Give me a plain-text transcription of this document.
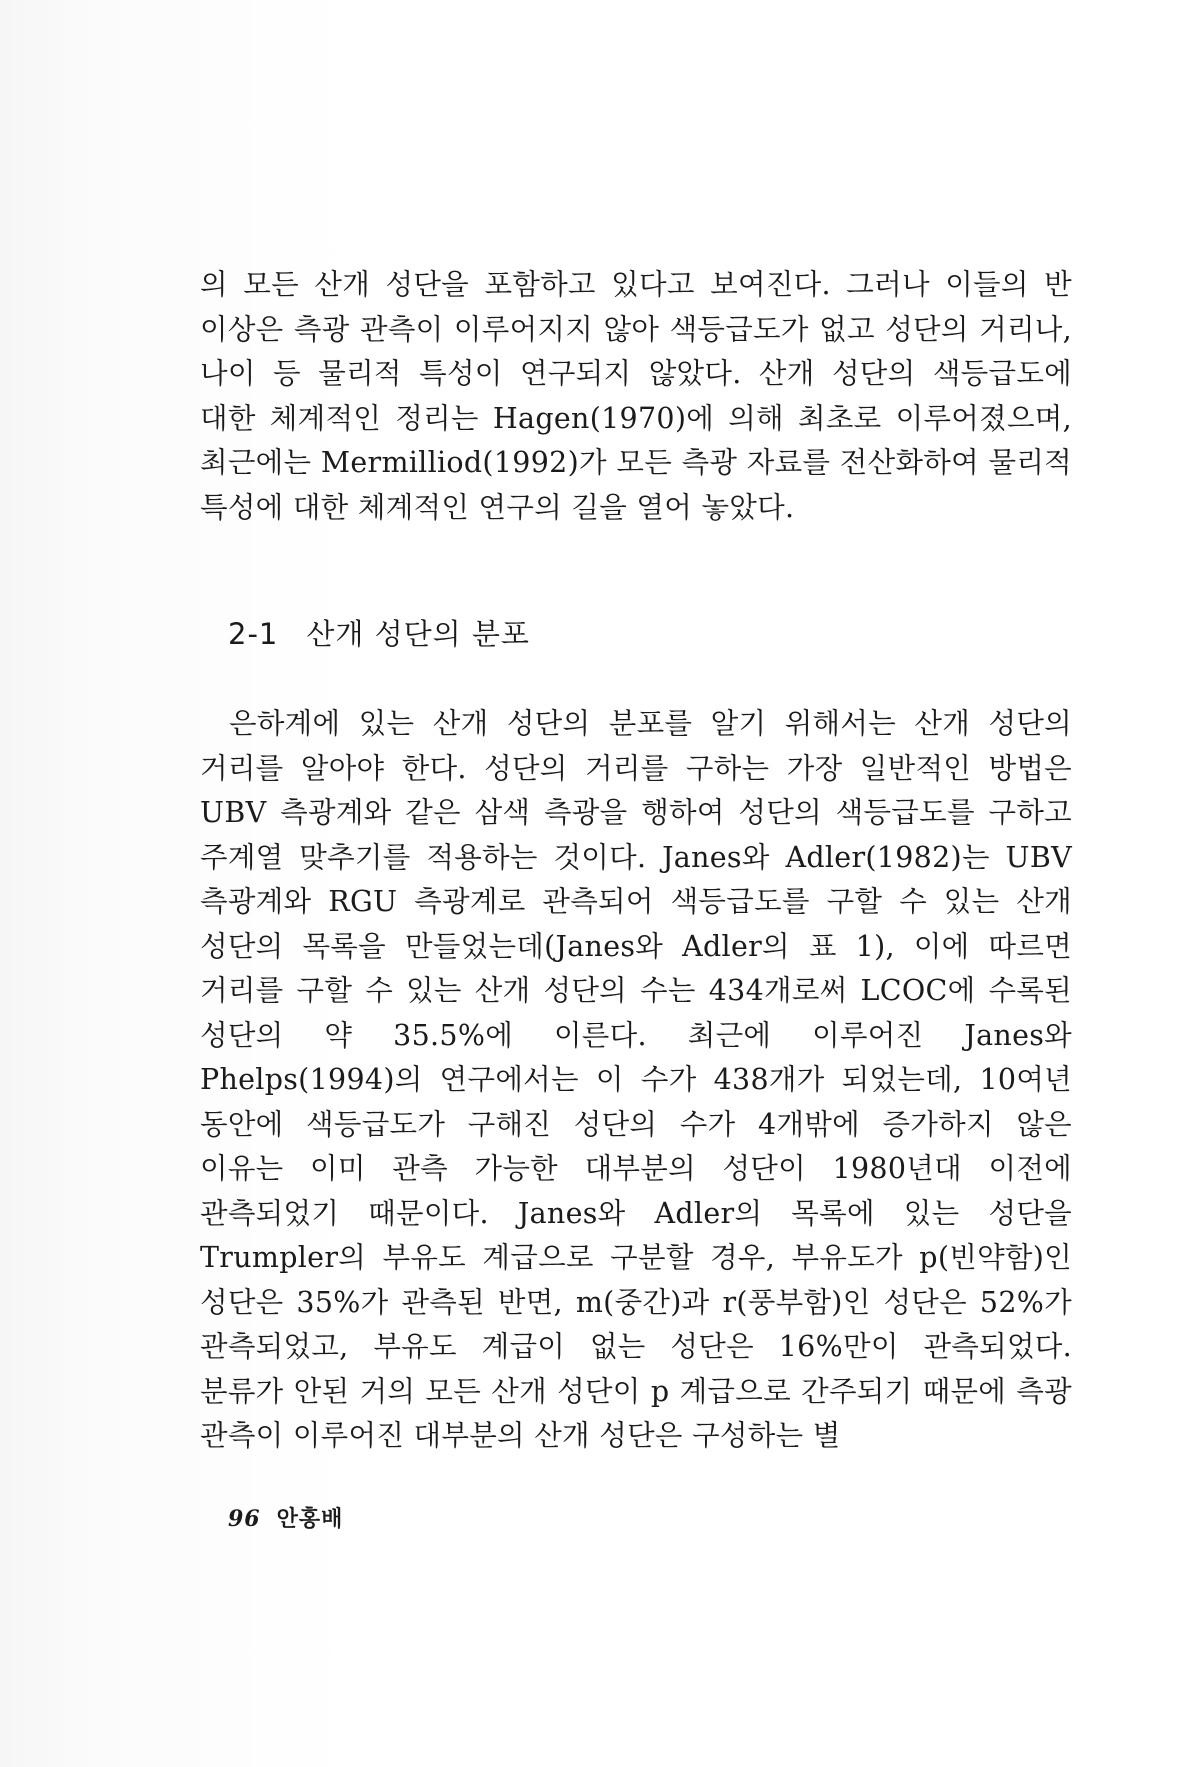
의 모든 산개 성단을 포함하고 있다고 보여진다. 그러나 이들의 반 이상은 측광 관측이 이루어지지 않아 색등급도가 없고 성단의 거리나, 나이 등 물리적 특성이 연구되지 않았다. 산개 성단의 색등급도에 대한 체계적인 정리는 Hagen(1970)에 의해 최초로 이루어졌으며, 최근에는 Mermilliod(1992)가 모든 측광 자료를 전산화하여 물리적 특성에 대한 체계적인 연구의 길을 열어 놓았다.

2-1 산개 성단의 분포

은하계에 있는 산개 성단의 분포를 알기 위해서는 산개 성단의 거리를 알아야 한다. 성단의 거리를 구하는 가장 일반적인 방법은 UBV 측광계와 같은 삼색 측광을 행하여 성단의 색등급도를 구하고 주계열 맞추기를 적용하는 것이다. Janes와 Adler(1982)는 UBV 측광계와 RGU 측광계로 관측되어 색등급도를 구할 수 있는 산개 성단의 목록을 만들었는데(Janes와 Adler의 표 1), 이에 따르면 거리를 구할 수 있는 산개 성단의 수는 434개로써 LCOC에 수록된 성단의 약 35.5%에 이른다. 최근에 이루어진 Janes와 Phelps(1994)의 연구에서는 이 수가 438개가 되었는데, 10여년 동안에 색등급도가 구해진 성단의 수가 4개밖에 증가하지 않은 이유는 이미 관측 가능한 대부분의 성단이 1980년대 이전에 관측되었기 때문이다. Janes와 Adler의 목록에 있는 성단을 Trumpler의 부유도 계급으로 구분할 경우, 부유도가 p(빈약함)인 성단은 35%가 관측된 반면, m(중간)과 r(풍부함)인 성단은 52%가 관측되었고, 부유도 계급이 없는 성단은 16%만이 관측되었다. 분류가 안된 거의 모든 산개 성단이 p 계급으로 간주되기 때문에 측광 관측이 이루어진 대부분의 산개 성단은 구성하는 별

96 안홍배
